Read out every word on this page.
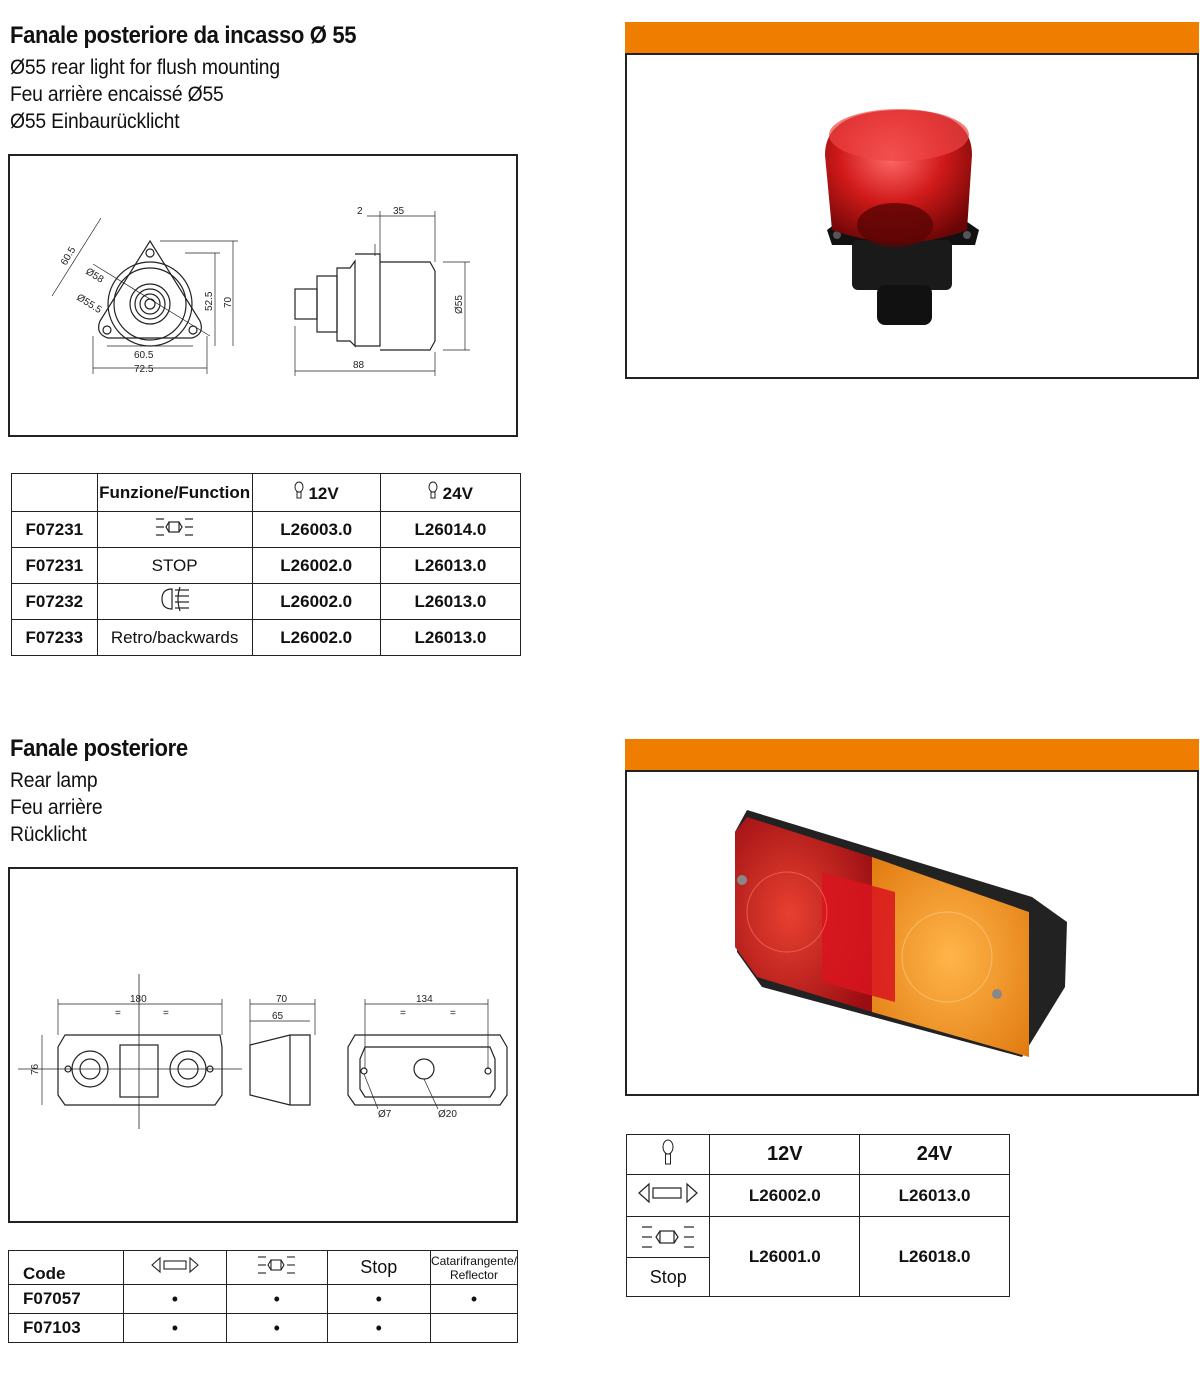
Fanale posteriore da incasso Ø 55
Ø55 rear light for flush mounting
Feu arrière encaissé Ø55
Ø55 Einbaurücklicht
60.5
Ø58
Ø55.5	52.5 70
60.5
72.5
2	35
Ø55
88
	Funzione/Function	12V	24V
F07231		L26003.0	L26014.0
F07231	STOP	L26002.0	L26013.0
F07232		L26002.0	L26013.0
F07233	Retro/backwards	L26002.0	L26013.0
Fanale posteriore
Rear lamp
Feu arrière
Rücklicht
180
=	=
76
70
65
134
=	=
Ø7	Ø20
Code			Stop	Catarifrangente/ Reflector
F07057	•	•	•	•
F07103	•	•	•	
	12V	24V
	L26002.0	L26013.0

Stop	L26001.0	L26018.0
